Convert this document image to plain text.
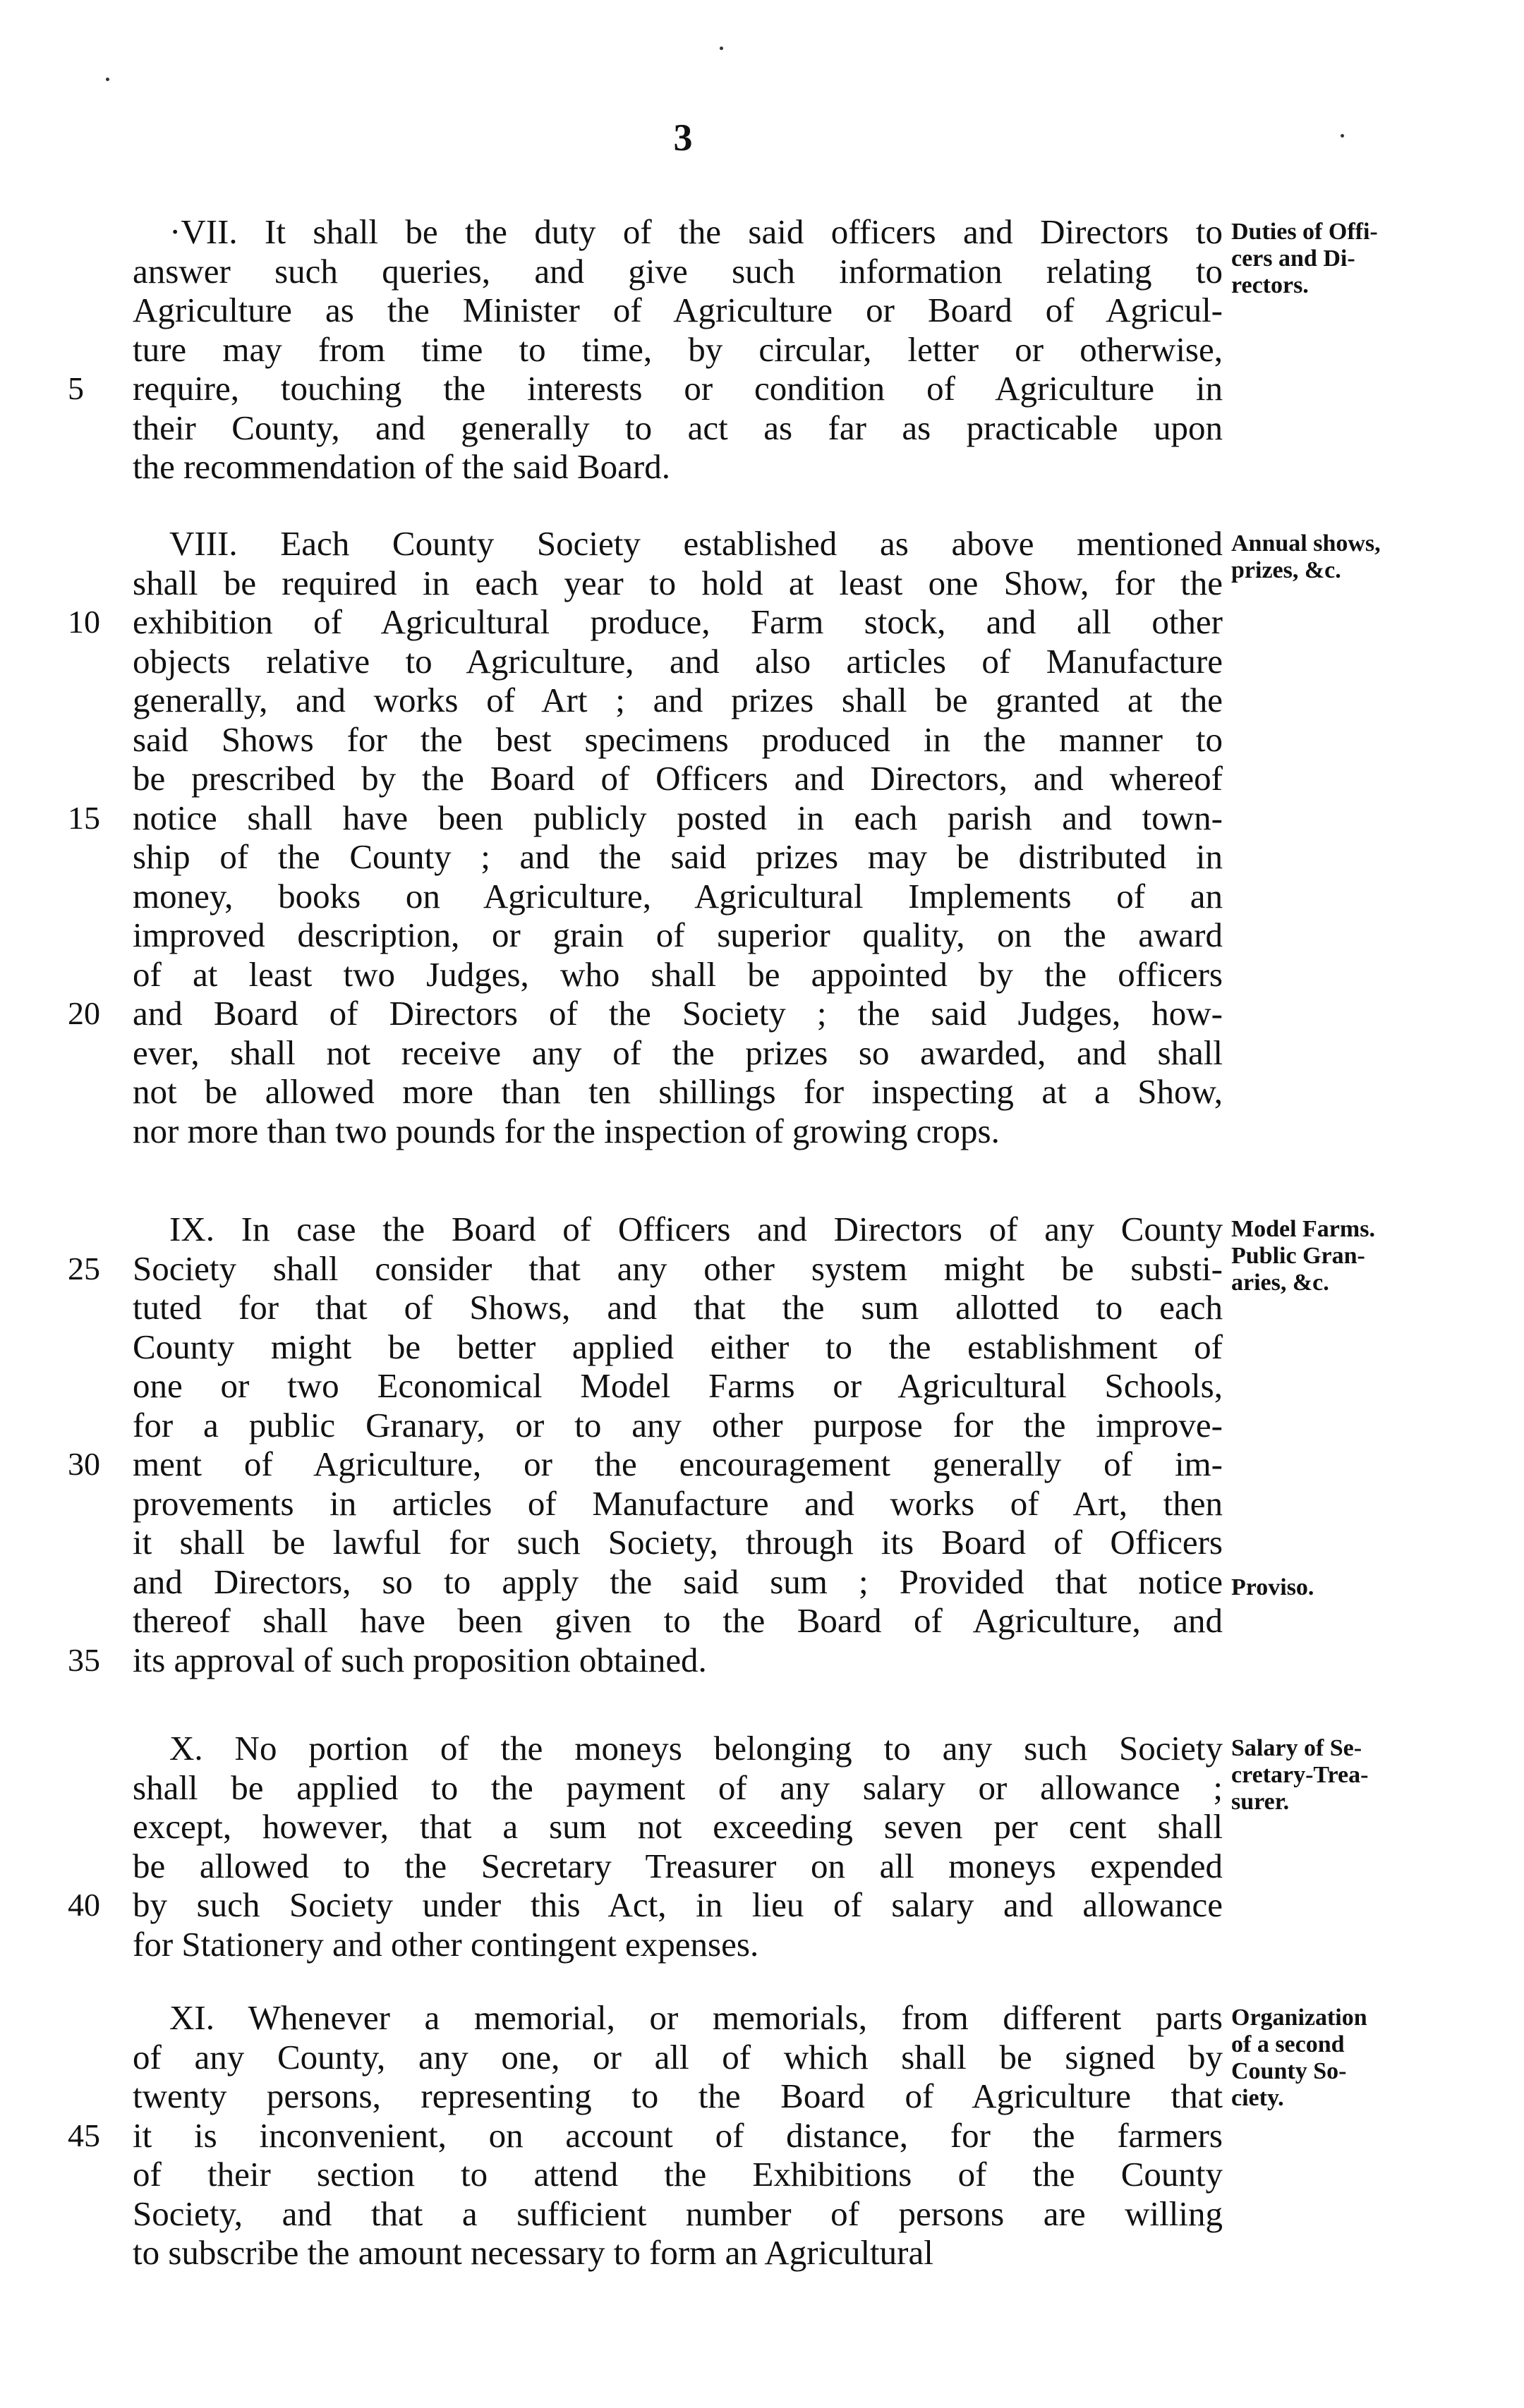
3
Duties of Offi-
cers and Di-
rectors.
·VII. It shall be the duty of the said officers and Directors to
answer such queries, and give such information relating to
Agriculture as the Minister of Agriculture or Board of Agricul-
ture may from time to time, by circular, letter or otherwise,
require, touching the interests or condition of Agriculture in
5
their County, and generally to act as far as practicable upon
the recommendation of the said Board.
Annual shows,
prizes, &c.
VIII. Each County Society established as above mentioned
shall be required in each year to hold at least one Show, for the
exhibition of Agricultural produce, Farm stock, and all other
10
objects relative to Agriculture, and also articles of Manufacture
generally, and works of Art ; and prizes shall be granted at the
said Shows for the best specimens produced in the manner to
be prescribed by the Board of Officers and Directors, and whereof
notice shall have been publicly posted in each parish and town-
15
ship of the County ; and the said prizes may be distributed in
money, books on Agriculture, Agricultural Implements of an
improved description, or grain of superior quality, on the award
of at least two Judges, who shall be appointed by the officers
and Board of Directors of the Society ; the said Judges, how-
20
ever, shall not receive any of the prizes so awarded, and shall
not be allowed more than ten shillings for inspecting at a Show,
nor more than two pounds for the inspection of growing crops.
Model Farms.
Public Gran-
aries, &c.
IX. In case the Board of Officers and Directors of any County
Society shall consider that any other system might be substi-
25
tuted for that of Shows, and that the sum allotted to each
County might be better applied either to the establishment of
one or two Economical Model Farms or Agricultural Schools,
for a public Granary, or to any other purpose for the improve-
ment of Agriculture, or the encouragement generally of im-
30
provements in articles of Manufacture and works of Art, then
it shall be lawful for such Society, through its Board of Officers
and Directors, so to apply the said sum ; Provided that notice
thereof shall have been given to the Board of Agriculture, and
its approval of such proposition obtained.
35
Salary of Se-
cretary-Trea-
surer.
X. No portion of the moneys belonging to any such Society
shall be applied to the payment of any salary or allowance ;
except, however, that a sum not exceeding seven per cent shall
be allowed to the Secretary Treasurer on all moneys expended
by such Society under this Act, in lieu of salary and allowance
40
for Stationery and other contingent expenses.
Organization
of a second
County So-
ciety.
XI. Whenever a memorial, or memorials, from different parts
of any County, any one, or all of which shall be signed by
twenty persons, representing to the Board of Agriculture that
it is inconvenient, on account of distance, for the farmers
45
of their section to attend the Exhibitions of the County
Society, and that a sufficient number of persons are willing
to subscribe the amount necessary to form an Agricultural
Proviso.
